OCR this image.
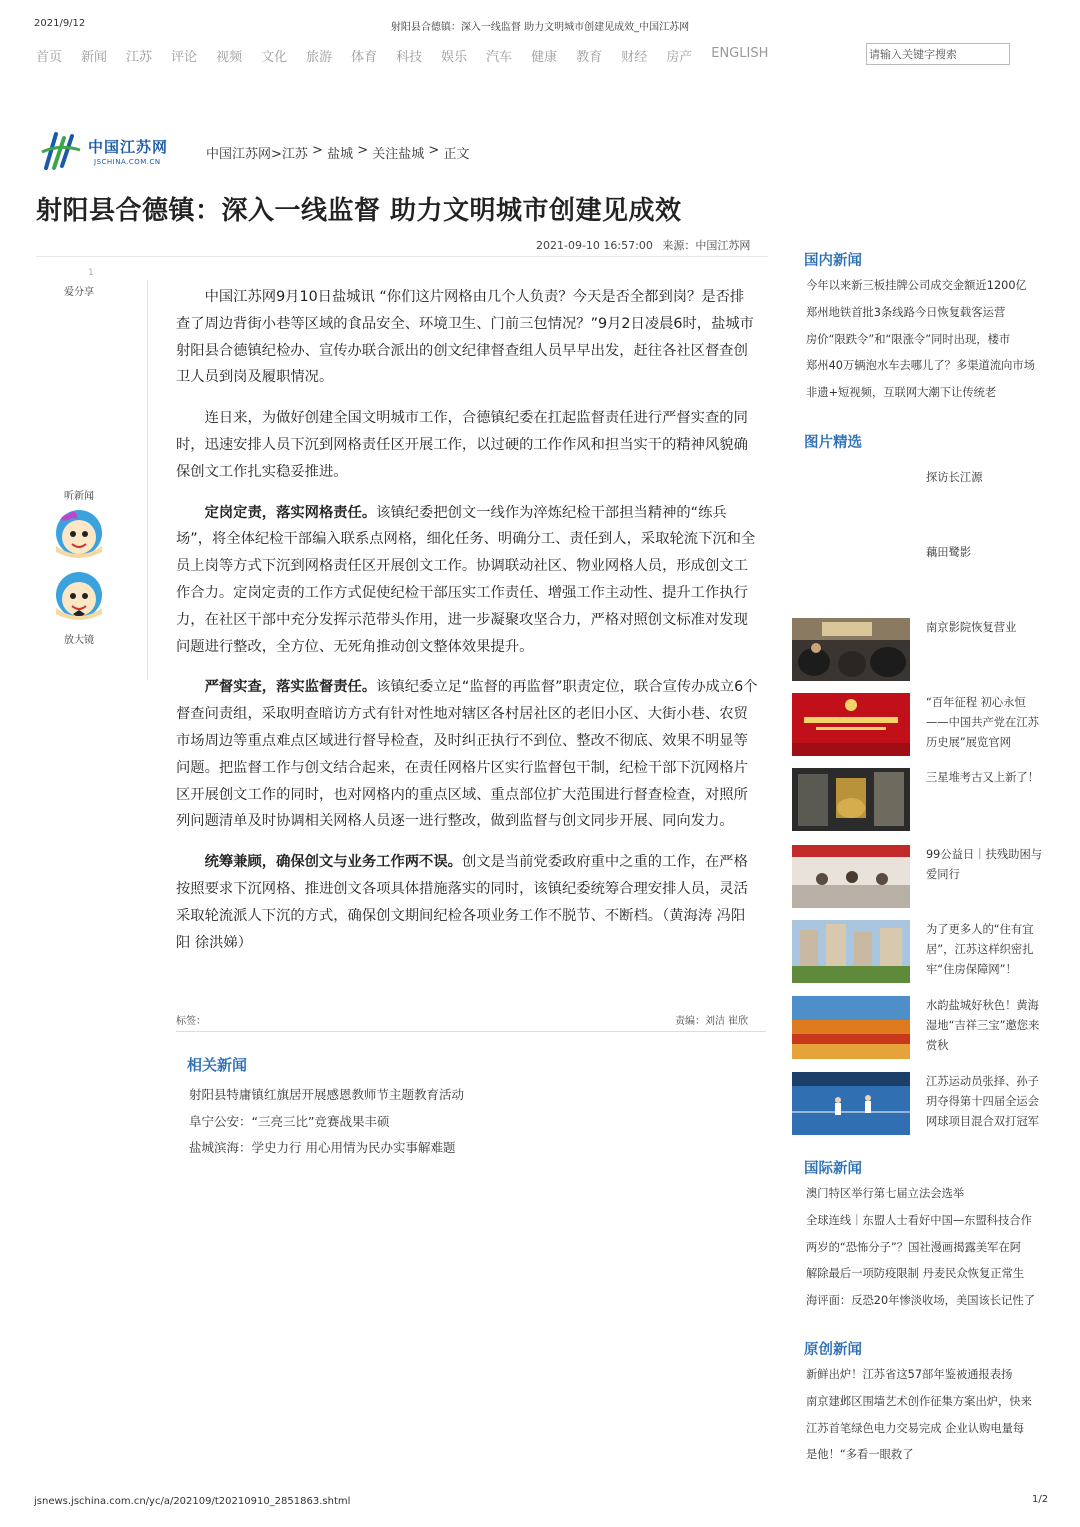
2021/9/12	射阳县合德镇：深入一线监督 助力文明城市创建见成效_中国江苏网
首页 新闻 江苏 评论 视频 文化 旅游 体育 科技 娱乐 汽车 健康 教育 财经 房产 ENGLISH
请输入关键字搜索
中国江苏网
JSCHINA.COM.CN	中国江苏网>江苏 > 盐城 > 关注盐城 > 正文
射阳县合德镇：深入一线监督 助力文明城市创建见成效
2021-09-10 16:57:00 来源：中国江苏网
1
爱分享
听新闻
放大镜

中国江苏网9月10日盐城讯 “你们这片网格由几个人负责？今天是否全都到岗？是否排查了周边背街小巷等区域的食品安全、环境卫生、门前三包情况？”9月2日凌晨6时，盐城市射阳县合德镇纪检办、宣传办联合派出的创文纪律督查组人员早早出发，赶往各社区督查创卫人员到岗及履职情况。

连日来，为做好创建全国文明城市工作，合德镇纪委在扛起监督责任进行严督实查的同时，迅速安排人员下沉到网格责任区开展工作，以过硬的工作作风和担当实干的精神风貌确保创文工作扎实稳妥推进。

定岗定责，落实网格责任。该镇纪委把创文一线作为淬炼纪检干部担当精神的“练兵场”，将全体纪检干部编入联系点网格，细化任务、明确分工、责任到人，采取轮流下沉和全员上岗等方式下沉到网格责任区开展创文工作。协调联动社区、物业网格人员，形成创文工作合力。定岗定责的工作方式促使纪检干部压实工作责任、增强工作主动性、提升工作执行力，在社区干部中充分发挥示范带头作用，进一步凝聚攻坚合力，严格对照创文标准对发现问题进行整改，全方位、无死角推动创文整体效果提升。

严督实查，落实监督责任。该镇纪委立足“监督的再监督”职责定位，联合宣传办成立6个督查问责组，采取明查暗访方式有针对性地对辖区各村居社区的老旧小区、大街小巷、农贸市场周边等重点难点区域进行督导检查，及时纠正执行不到位、整改不彻底、效果不明显等问题。把监督工作与创文结合起来，在责任网格片区实行监督包干制，纪检干部下沉网格片区开展创文工作的同时，也对网格内的重点区域、重点部位扩大范围进行督查检查，对照所列问题清单及时协调相关网格人员逐一进行整改，做到监督与创文同步开展、同向发力。

统筹兼顾，确保创文与业务工作两不误。创文是当前党委政府重中之重的工作，在严格按照要求下沉网格、推进创文各项具体措施落实的同时，该镇纪委统筹合理安排人员，灵活采取轮流派人下沉的方式，确保创文期间纪检各项业务工作不脱节、不断档。（黄海涛 冯阳阳 徐洪娣）

标签：	责编：刘洁 崔欣
相关新闻
射阳县特庸镇红旗居开展感恩教师节主题教育活动
阜宁公安：“三亮三比”竞赛战果丰硕
盐城滨海：学史力行 用心用情为民办实事解难题
国内新闻
今年以来新三板挂牌公司成交金额近1200亿
郑州地铁首批3条线路今日恢复载客运营
房价“限跌令”和“限涨令”同时出现，楼市
郑州40万辆泡水车去哪儿了？多渠道流向市场
非遗+短视频，互联网大潮下让传统老
图片精选
探访长江源
藕田鹭影
南京影院恢复营业
“百年征程 初心永恒——中国共产党在江苏历史展”展览官网
三星堆考古又上新了！
99公益日｜扶残助困与爱同行
为了更多人的“住有宜居”，江苏这样织密扎牢“住房保障网”！
水韵盐城好秋色！黄海湿地“吉祥三宝”邀您来赏秋
江苏运动员张择、孙子玥夺得第十四届全运会网球项目混合双打冠军
国际新闻
澳门特区举行第七届立法会选举
全球连线｜东盟人士看好中国—东盟科技合作
两岁的“恐怖分子”？国社漫画揭露美军在阿
解除最后一项防疫限制 丹麦民众恢复正常生
海评面：反恐20年惨淡收场，美国该长记性了
原创新闻
新鲜出炉！江苏省这57部年鉴被通报表扬
南京建邺区围墙艺术创作征集方案出炉，快来
江苏首笔绿色电力交易完成 企业认购电量每
是他！“多看一眼救了
jsnews.jschina.com.cn/yc/a/202109/t20210910_2851863.shtml	1/2
